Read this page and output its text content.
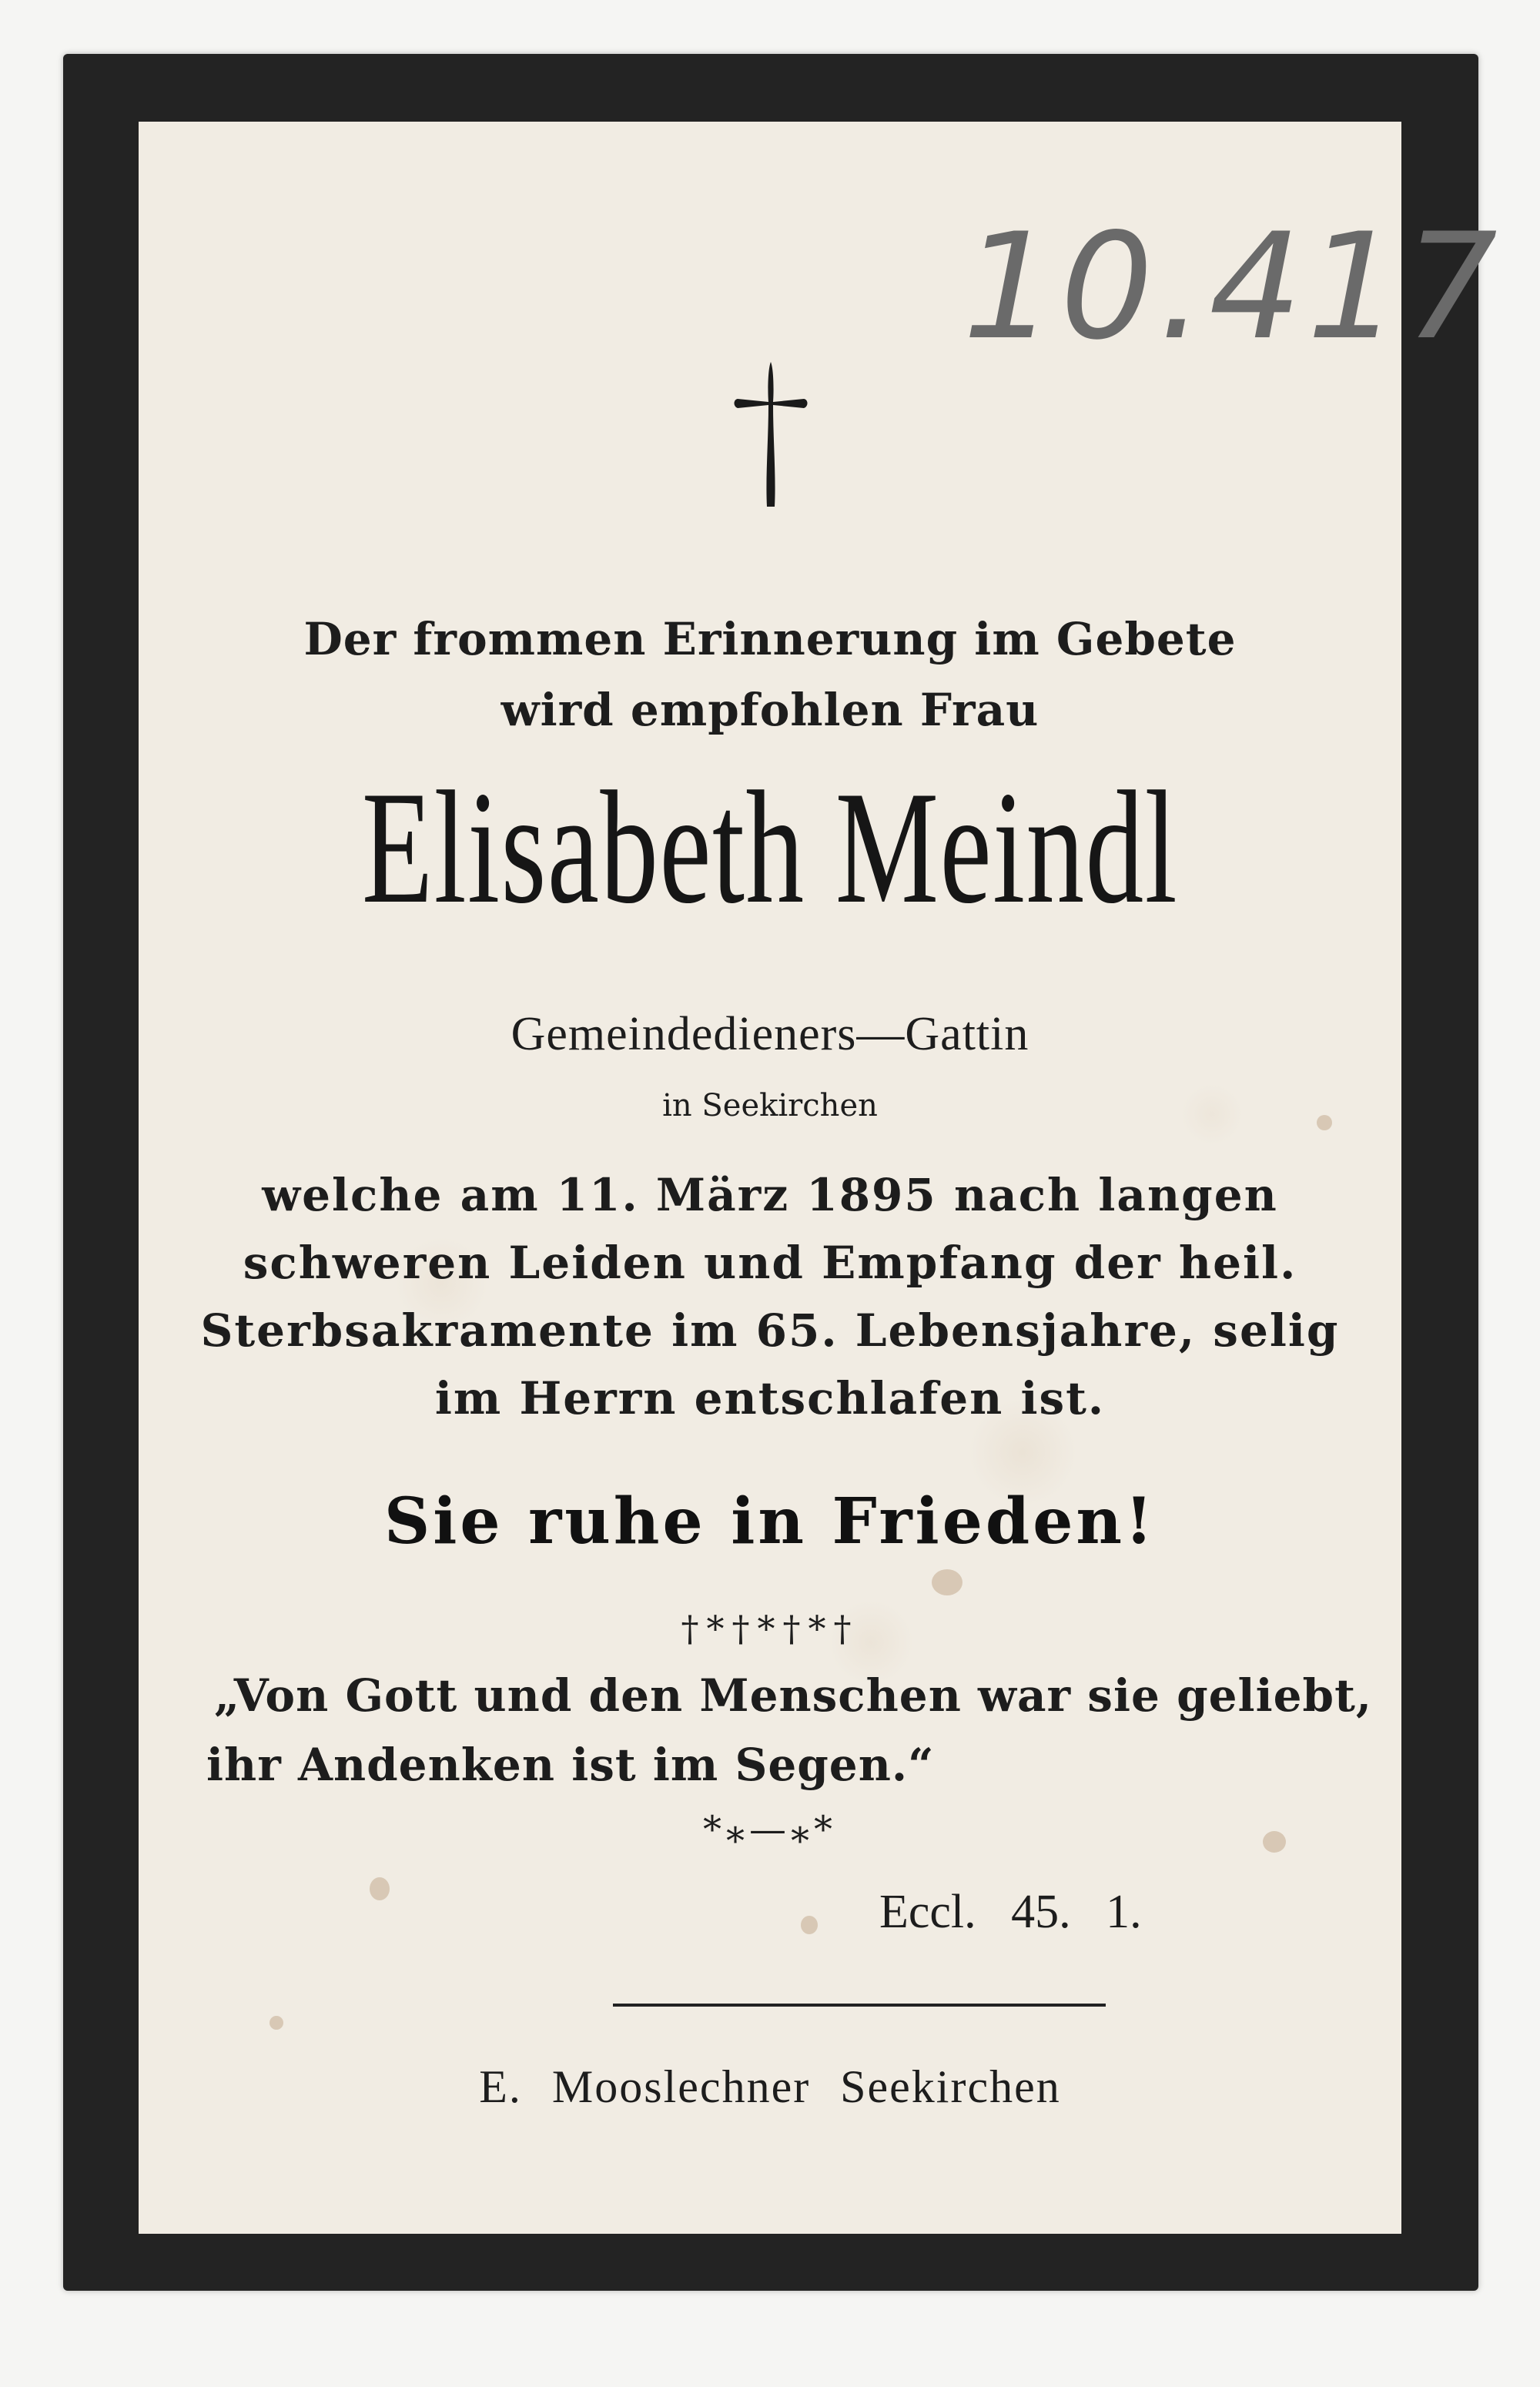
10.417
Der frommen Erinnerung im Gebete
wird empfohlen Frau
Elisabeth Meindl
Gemeindedieners—Gattin
in Seekirchen
welche am 11. März 1895 nach langen
schweren Leiden und Empfang der heil.
Sterbsakramente im 65. Lebensjahre, selig
im Herrn entschlafen ist.
Sie ruhe in Frieden!
†*†*†*†
„Von Gott und den Menschen war sie geliebt,
ihr Andenken ist im Segen.“
*⁎—⁎*
Eccl. 45. 1.
E. Mooslechner Seekirchen
